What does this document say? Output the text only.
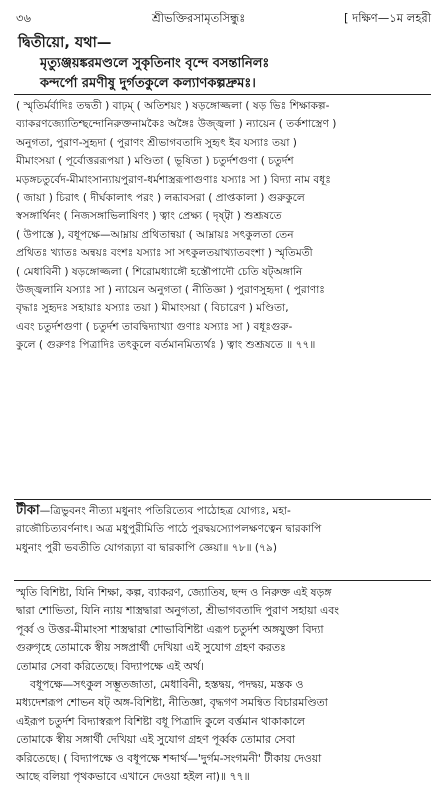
৩৬	শ্রীভক্তিরসামৃতসিন্ধুঃ	[ দক্ষিণ—১ম লহরী
দ্বিতীয়ো, যথা—
মৃত্যুঞ্জয়ঙ্করমণ্ডলে সুকৃতিনাং বৃন্দে বসন্তানিলঃ
কন্দর্পো রমণীষু দুর্গতকুলে কল্যাণকল্পদ্রুমঃ।
( স্মৃতির্মর্বাদিঃ তদ্বতী ) বাঢ়ম্ ( অতিশয়ং ) ষড়ঙ্গোজ্জলা ( ষড় ভিঃ শিক্ষাকল্প-
ব্যাকরণজ্যোতিশ্ছন্দোনিরুক্তনামকৈঃ অঙ্গৈঃ উজ্জ্বলা ) ন্যায়েন ( তর্কশাস্ত্রেণ )
অনুগতা, পুরাণ-সুহৃদা ( পুরাণং শ্রীভাগবতাদি সুহৃৎ ইব যস্যাঃ তয়া )
মীমাংসয়া ( পূর্বোত্তররূপয়া ) মণ্ডিতা ( ভূষিতা ) চতুর্দশগুণা ( চতুর্দশ
মড়ঙ্গচতুর্বেদ-মীমাংসান্যায়পুরাণ-ধর্মশাস্ত্ররূপাগুণাঃ যস্যাঃ সা ) বিদ্যা নাম বধূঃ
( জায়া ) চিরাৎ ( দীর্ঘকালাৎ পরং ) লব্ধাবসরা ( প্রাপ্তকালা ) গুরুকুলে
স্বসঙ্গার্থিনং ( নিজসঙ্গাভিলাষিণং ) ত্বাং প্রেক্ষ্য ( দৃষ্ট্বা ) শুশ্রূষতে
( উপাস্তে ), বধূপক্ষে—আম্নায় প্রথিতান্বয়া ( আম্নায়ঃ সৎকুলতা তেন
প্রথিতঃ খ্যাতঃ অন্বয়ঃ বংশঃ যস্যাঃ সা সৎকুলতয়াখ্যাতবংশা ) স্মৃতিমতী
( মেধাবিনী ) ষড়ঙ্গোজ্জলা ( শিরোমধ্যাঙ্গৌ হস্তৌপাদৌ চেতি ষট্অঙ্গানি
উজ্জ্বলানি যস্যাঃ সা ) ন্যায়েন অনুগতা ( নীতিজ্ঞা ) পুরাণসুহৃদা ( পুরাণাঃ
বৃদ্ধাঃ সুহৃদঃ সহায়াঃ যস্যাঃ তয়া ) মীমাংসয়া ( বিচারেণ ) মণ্ডিতা,
এবং চতুর্দশগুণা ( চতুর্দশ তাবদ্বিদ্যাখ্যা গুণাঃ যস্যাঃ সা ) বধূঃগুরু-
কুলে ( গুরুণঃ পিত্রাদিঃ তৎকুলে বর্তমানমিত্যর্থঃ ) ত্বাং শুশ্রূষতে ॥ ৭৭॥
টীকা—ত্রিভুবনং নীত্যা মধুনাং পতিরিত্যেব পাঠোহত্র যোগ্যঃ, মহা-
রাজৌচিত্যবর্ণনাৎ। অত্র মধুপুরীমিতি পাঠে পুরদ্বয়স্যোপলক্ষণত্বেন দ্বারকাপি
মধুনাং পুরী ভবতীতি যোগরূঢ়্যা বা দ্বারকাপি জ্ঞেয়া॥ ৭৮॥ (৭৯)
স্মৃতি বিশিষ্টা, যিনি শিক্ষা, কল্প, ব্যাকরণ, জ্যোতিষ, ছন্দ ও নিরুক্ত এই ষড়ঙ্গ
দ্বারা শোভিতা, যিনি ন্যায় শাস্ত্রদ্বারা অনুগতা, শ্রীভাগবতাদি পুরাণ সহায়া এবং
পূর্ব্ব ও উত্তর-মীমাংসা শাস্ত্রদ্বারা শোভাবিশিষ্টা এরূপ চতুর্দশ অঙ্গযুক্তা বিদ্যা
গুরুগৃহে তোমাকে স্বীয় সঙ্গপ্রার্থী দেখিয়া এই সুযোগ গ্রহণ করতঃ
তোমার সেবা করিতেছে। বিদ্যাপক্ষে এই অর্থ।
বধূপক্ষে—সৎকুল সম্ভূতজাতা, মেধাবিনী, হস্তদ্বয়, পদদ্বয়, মস্তক ও
মধ্যদেশরূপ শোভন ষট্ অঙ্গ-বিশিষ্টা, নীতিজ্ঞা, বৃদ্ধগণ সমন্বিত বিচারমণ্ডিতা
এইরূপ চতুর্দশ বিদ্যাস্বরূপ বিশিষ্টা বধূ পিত্রাদি কুলে বর্ত্তমান থাকাকালে
তোমাকে স্বীয় সঙ্গার্থী দেখিয়া এই সুযোগ গ্রহণ পূর্ব্বক তোমার সেবা
করিতেছে। ( বিদ্যাপক্ষে ও বধূপক্ষে শব্দার্থ—'দুর্গম-সংগমনী' টীকায় দেওয়া
আছে বলিয়া পৃথকভাবে এখানে দেওয়া হইল না)॥ ৭৭॥
